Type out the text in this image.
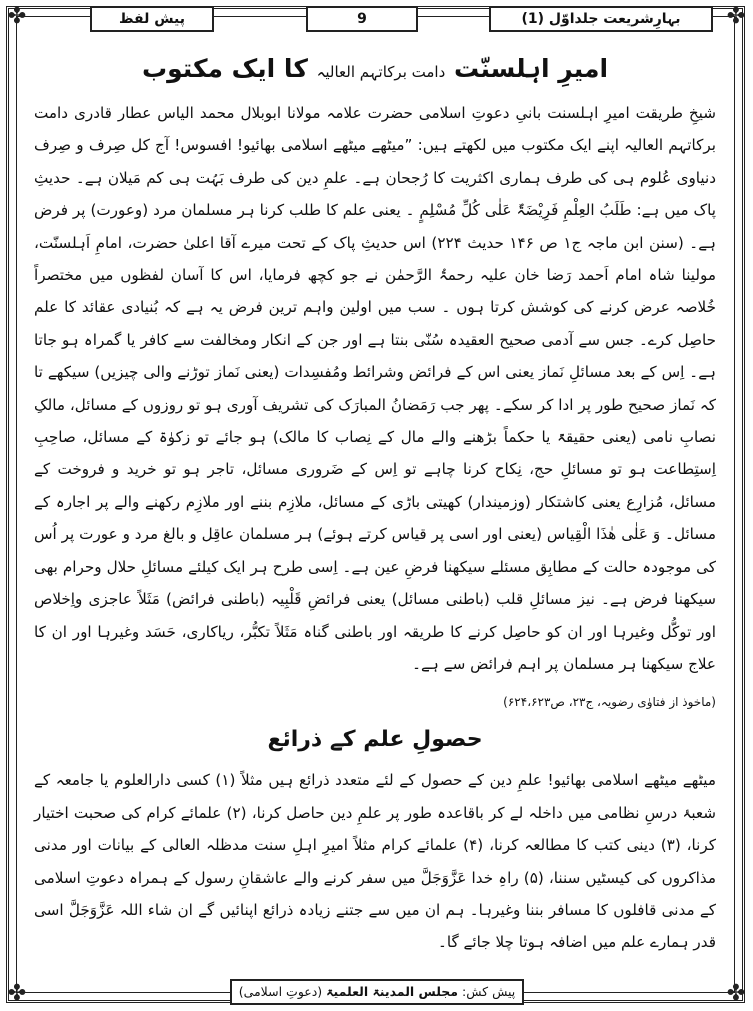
✤	✤
✤	✤
بہارِشریعت جلداوّل (1)
9
پیش لفظ
امیرِ اہلسنّت دامت برکاتہم العالیہ کا ایک مکتوب

شیخِ طریقت امیرِ اہلسنت بانیِ دعوتِ اسلامی حضرت علامہ مولانا ابوبلال محمد الیاس عطار قادری دامت برکاتہم العالیہ اپنے ایک مکتوب میں لکھتے ہیں: ”میٹھے میٹھے اسلامی بھائیو! افسوس! آج کل صِرف و صِرف دنیاوی عُلوم ہی کی طرف ہماری اکثریت کا رُجحان ہے۔ علمِ دین کی طرف بَہُت ہی کم مَیلان ہے۔ حدیثِ پاک میں ہے: طَلَبُ العِلْمِ فَرِیْضَۃٌ عَلٰی کُلِّ مُسْلِمٍ ۔ یعنی علم کا طلب کرنا ہر مسلمان مرد (وعورت) پر فرض ہے۔ (سنن ابن ماجہ ج۱ ص ۱۴۶ حدیث ۲۲۴) اس حدیثِ پاک کے تحت میرے آقا اعلیٰ حضرت، امامِ اَہلسنّت، مولینا شاہ امام اَحمد رَضا خان علیہ رحمۃُ الرَّحمٰن نے جو کچھ فرمایا، اس کا آسان لفظوں میں مختصراً خُلاصہ عرض کرنے کی کوشش کرتا ہوں ۔ سب میں اولین واہم ترین فرض یہ ہے کہ بُنیادی عقائد کا علم حاصِل کرے۔ جس سے آدمی صحیح العقیدہ سُنّی بنتا ہے اور جن کے انکار ومخالفت سے کافر یا گمراہ ہو جاتا ہے۔ اِس کے بعد مسائلِ نَماز یعنی اس کے فرائض وشرائط ومُفسِدات (یعنی نَماز توڑنے والی چیزیں) سیکھے تا کہ نَماز صحیح طور پر ادا کر سکے۔ پھر جب رَمَضانُ المبارَک کی تشریف آوری ہو تو روزوں کے مسائل، مالکِ نصابِ نامی (یعنی حقیقۃً یا حکماً بڑھنے والے مال کے نِصاب کا مالک) ہو جائے تو زکوٰۃ کے مسائل، صاحِبِ اِستِطاعت ہو تو مسائلِ حج، نِکاح کرنا چاہے تو اِس کے ضَروری مسائل، تاجر ہو تو خرید و فروخت کے مسائل، مُزارِع یعنی کاشتکار (وزمیندار) کھیتی باڑی کے مسائل، ملازِم بننے اور ملازِم رکھنے والے پر اجارہ کے مسائل۔ وَ عَلٰی ھٰذَا الْقِیاس (یعنی اور اسی پر قیاس کرتے ہوئے) ہر مسلمان عاقِل و بالغ مرد و عورت پر اُس کی موجودہ حالت کے مطابِق مسئلے سیکھنا فرضِ عین ہے۔ اِسی طرح ہر ایک کیلئے مسائلِ حلال وحرام بھی سیکھنا فرض ہے۔ نیز مسائلِ قلب (باطنی مسائل) یعنی فرائضِ قَلْبِیہ (باطنی فرائض) مَثَلاً عاجزی واِخلاص اور توکُّل وغیرہا اور ان کو حاصِل کرنے کا طریقہ اور باطنی گناہ مَثَلاً تکبُّر، ریاکاری، حَسَد وغیرہا اور ان کا علاج سیکھنا ہر مسلمان پر اہم فرائض سے ہے۔

(ماخوذ از فتاوٰی رضویہ، ج۲۳، ص۶۲۴،۶۲۳)
حصولِ علم کے ذرائع

میٹھے میٹھے اسلامی بھائیو! علمِ دین کے حصول کے لئے متعدد ذرائع ہیں مثلاً (۱) کسی دارالعلوم یا جامعہ کے شعبۂ درسِ نظامی میں داخلہ لے کر باقاعدہ طور پر علمِ دین حاصل کرنا، (۲) علمائے کرام کی صحبت اختیار کرنا، (۳) دینی کتب کا مطالعہ کرنا، (۴) علمائے کرام مثلاً امیرِ اہلِ سنت مدظلہ العالی کے بیانات اور مدنی مذاکروں کی کیسٹیں سننا، (۵) راہِ خدا عَزَّوَجَلَّ میں سفر کرنے والے عاشقانِ رسول کے ہمراہ دعوتِ اسلامی کے مدنی قافلوں کا مسافر بننا وغیرہا۔ ہم ان میں سے جتنے زیادہ ذرائع اپنائیں گے ان شاء اللہ عَزَّوَجَلَّ اسی قدر ہمارے علم میں اضافہ ہوتا چلا جائے گا۔

پیش کش: مجلس المدینۃ العلمیۃ (دعوتِ اسلامی)
